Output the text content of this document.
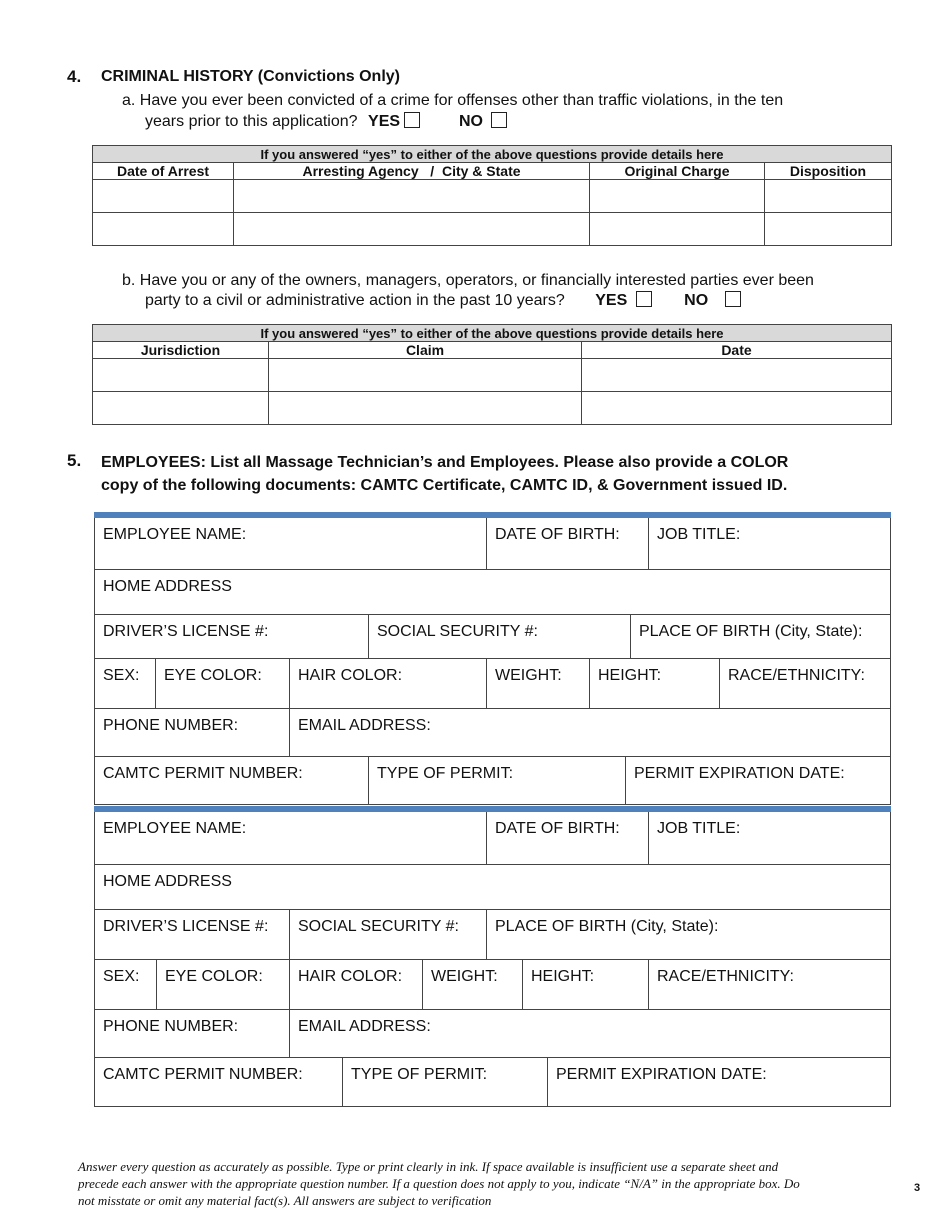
4. CRIMINAL HISTORY (Convictions Only)
a. Have you ever been convicted of a crime for offenses other than traffic violations, in the ten
years prior to this application? YES	NO
If you answered “yes” to either of the above questions provide details here			
Date of Arrest	Arresting Agency   /  City & State	Original Charge	Disposition

b. Have you or any of the owners, managers, operators, or financially interested parties ever been
party to a civil or administrative action in the past 10 years? YES	NO
If you answered “yes” to either of the above questions provide details here		
Jurisdiction	Claim	Date

5. EMPLOYEES: List all Massage Technician’s and Employees. Please also provide a COLOR
copy of the following documents: CAMTC Certificate, CAMTC ID, & Government issued ID.
EMPLOYEE NAME:	DATE OF BIRTH:	JOB TITLE:
HOME ADDRESS
DRIVER’S LICENSE #:	SOCIAL SECURITY #:	PLACE OF BIRTH (City, State):
SEX:	EYE COLOR:	HAIR COLOR:	WEIGHT:	HEIGHT:	RACE/ETHNICITY:
PHONE NUMBER:	EMAIL ADDRESS:
CAMTC PERMIT NUMBER:	TYPE OF PERMIT:	PERMIT EXPIRATION DATE:
EMPLOYEE NAME:	DATE OF BIRTH:	JOB TITLE:
HOME ADDRESS
DRIVER’S LICENSE #:	SOCIAL SECURITY #:	PLACE OF BIRTH (City, State):
SEX:	EYE COLOR:	HAIR COLOR:	WEIGHT:	HEIGHT:	RACE/ETHNICITY:
PHONE NUMBER:	EMAIL ADDRESS:
CAMTC PERMIT NUMBER:	TYPE OF PERMIT:	PERMIT EXPIRATION DATE:
Answer every question as accurately as possible. Type or print clearly in ink. If space available is insufficient use a separate sheet and
precede each answer with the appropriate question number. If a question does not apply to you, indicate “N/A” in the appropriate box. Do
not misstate or omit any material fact(s). All answers are subject to verification
3
